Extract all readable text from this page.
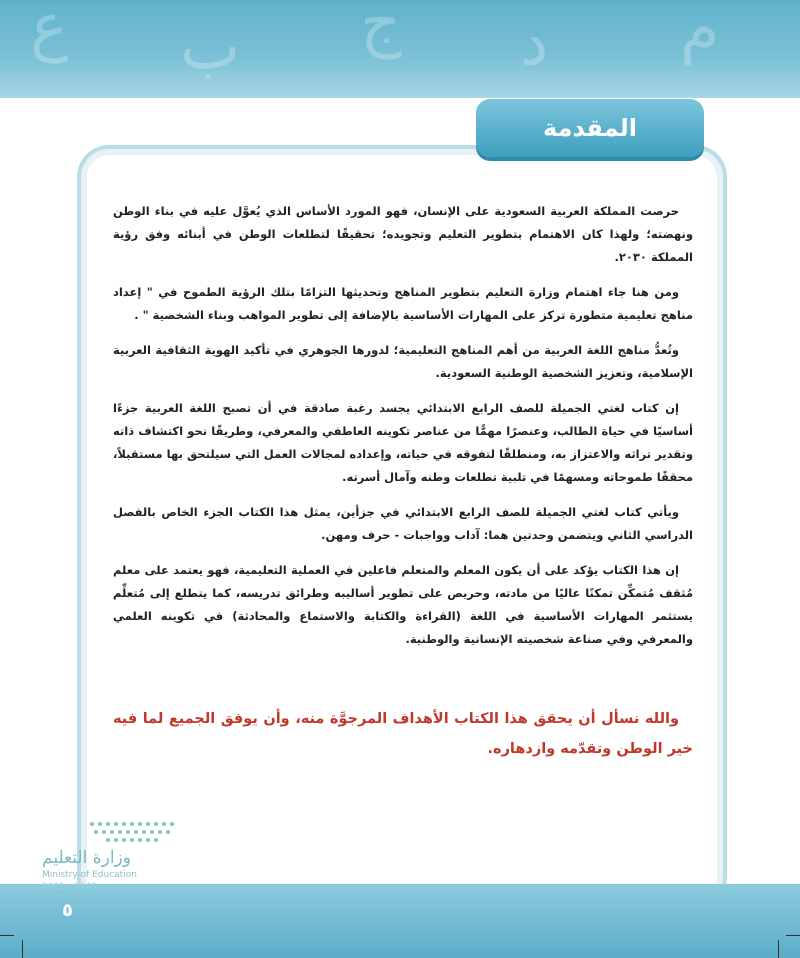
ع ب ج د م
المقدمة

حرصت المملكة العربية السعودية على الإنسان، فهو المورد الأساس الذي يُعوَّل عليه في بناء الوطن ونهضته؛ ولهذا كان الاهتمام بتطوير التعليم وتجويده؛ تحقيقًا لتطلعات الوطن في أبنائه وفق رؤية المملكة ٢٠٣٠.

ومن هنا جاء اهتمام وزارة التعليم بتطوير المناهج وتحديثها التزامًا بتلك الرؤية الطموح في " إعداد مناهج تعليمية متطورة تركز على المهارات الأساسية بالإضافة إلى تطوير المواهب وبناء الشخصية " .

وتُعدُّ مناهج اللغة العربية من أهم المناهج التعليمية؛ لدورها الجوهري في تأكيد الهوية الثقافية العربية الإسلامية، وتعزيز الشخصية الوطنية السعودية.

إن كتاب لغتي الجميلة للصف الرابع الابتدائي يجسد رغبة صادقة في أن تصبح اللغة العربية جزءًا أساسيًا في حياة الطالب، وعنصرًا مهمًّا من عناصر تكوينه العاطفي والمعرفي، وطريقًا نحو اكتشاف ذاته وتقدير تراثه والاعتزاز به، ومنطلقًا لتفوقه في حياته، وإعداده لمجالات العمل التي سيلتحق بها مستقبلاً، محققًا طموحاته ومسهمًا في تلبية تطلعات وطنه وآمال أسرته.

ويأتي كتاب لغتي الجميلة للصف الرابع الابتدائي في جزأين، يمثل هذا الكتاب الجزء الخاص بالفصل الدراسي الثاني ويتضمن وحدتين هما: آداب وواجبات - حرف ومهن.

إن هذا الكتاب يؤكد على أن يكون المعلم والمتعلم فاعلين في العملية التعليمية، فهو يعتمد على معلم مُثقف مُتمكِّن تمكنًا عاليًا من مادته، وحريص على تطوير أساليبه وطرائق تدريسه، كما يتطلع إلى مُتعلِّم يستثمر المهارات الأساسية في اللغة (القراءة والكتابة والاستماع والمحادثة) في تكوينه العلمي والمعرفي وفي صناعة شخصيته الإنسانية والوطنية.

والله نسأل أن يحقق هذا الكتاب الأهداف المرجوَّة منه، وأن يوفق الجميع لما فيه خير الوطن وتقدّمه وازدهاره.
وزارة التعليم
Ministry of Education
2021 - 1443
٥
